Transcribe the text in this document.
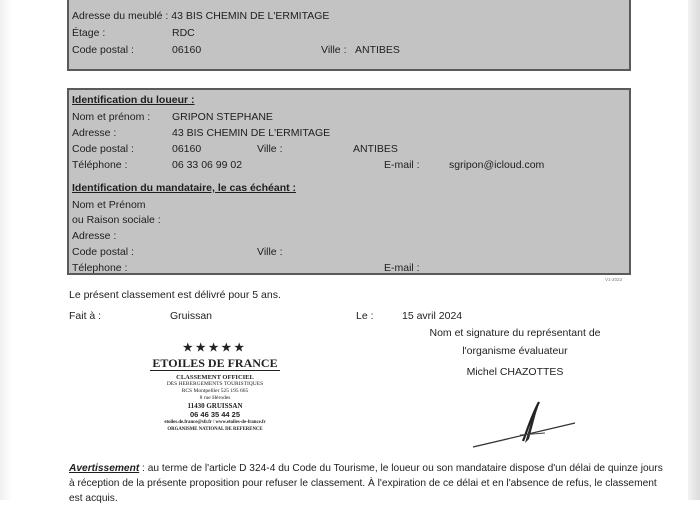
Adresse du meublé : 43 BIS CHEMIN DE L'ERMITAGE
Étage :	RDC
Code postal :	06160	Ville : ANTIBES
Identification du loueur :
Nom et prénom : GRIPON STEPHANE
Adresse :	43 BIS CHEMIN DE L'ERMITAGE
Code postal :	06160	Ville :	ANTIBES
Téléphone :	06 33 06 99 02	E-mail :	sgripon@icloud.com
Identification du mandataire, le cas échéant :
Nom et Prénom
ou Raison sociale :
Adresse :
Code postal :	Ville :
Télephone :	E-mail :
V1-2023
Le présent classement est délivré pour 5 ans.
Fait à :	Gruissan	Le :	15 avril 2024
Nom et signature du représentant de
l'organisme évaluateur
Michel CHAZOTTES
★★★★★
ETOILES DE FRANCE
CLASSEMENT OFFICIEL
DES HEBERGEMENTS TOURISTIQUES
RCS Montpellier 525 195 665
8 rue Hérodes
11430 GRUISSAN
06 46 35 44 25
etoiles.de.france@sfr.fr / www.etoiles-de-france.fr
ORGANISME NATIONAL DE REFERENCE
Avertissement : au terme de l'article D 324-4 du Code du Tourisme, le loueur ou son mandataire dispose d'un délai de quinze jours à réception de la présente proposition pour refuser le classement. À l'expiration de ce délai et en l'absence de refus, le classement est acquis.
